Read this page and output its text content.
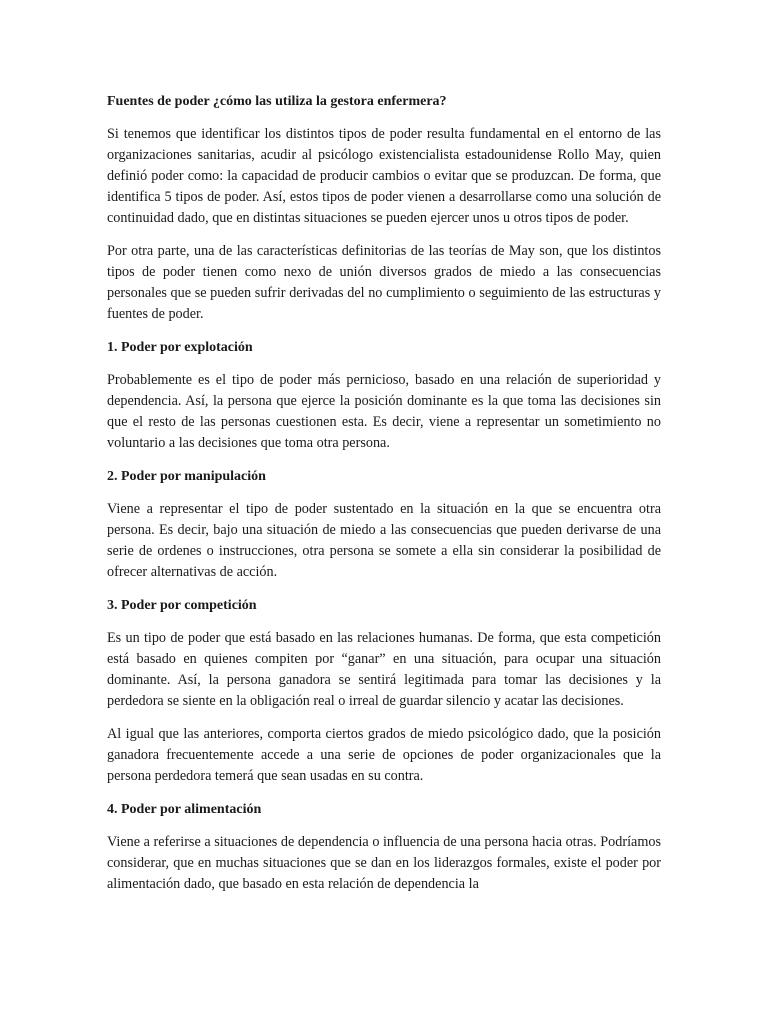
Fuentes de poder ¿cómo las utiliza la gestora enfermera?

Si tenemos que identificar los distintos tipos de poder resulta fundamental en el entorno de las organizaciones sanitarias, acudir al psicólogo existencialista estadounidense Rollo May, quien definió poder como: la capacidad de producir cambios o evitar que se produzcan. De forma, que identifica 5 tipos de poder. Así, estos tipos de poder vienen a desarrollarse como una solución de continuidad dado, que en distintas situaciones se pueden ejercer unos u otros tipos de poder.

Por otra parte, una de las características definitorias de las teorías de May son, que los distintos tipos de poder tienen como nexo de unión diversos grados de miedo a las consecuencias personales que se pueden sufrir derivadas del no cumplimiento o seguimiento de las estructuras y fuentes de poder.

1. Poder por explotación

Probablemente es el tipo de poder más pernicioso, basado en una relación de superioridad y dependencia. Así, la persona que ejerce la posición dominante es la que toma las decisiones sin que el resto de las personas cuestionen esta. Es decir, viene a representar un sometimiento no voluntario a las decisiones que toma otra persona.

2. Poder por manipulación

Viene a representar el tipo de poder sustentado en la situación en la que se encuentra otra persona. Es decir, bajo una situación de miedo a las consecuencias que pueden derivarse de una serie de ordenes o instrucciones, otra persona se somete a ella sin considerar la posibilidad de ofrecer alternativas de acción.

3. Poder por competición

Es un tipo de poder que está basado en las relaciones humanas. De forma, que esta competición está basado en quienes compiten por “ganar” en una situación, para ocupar una situación dominante. Así, la persona ganadora se sentirá legitimada para tomar las decisiones y la perdedora se siente en la obligación real o irreal de guardar silencio y acatar las decisiones.

Al igual que las anteriores, comporta ciertos grados de miedo psicológico dado, que la posición ganadora frecuentemente accede a una serie de opciones de poder organizacionales que la persona perdedora temerá que sean usadas en su contra.

4. Poder por alimentación

Viene a referirse a situaciones de dependencia o influencia de una persona hacia otras. Podríamos considerar, que en muchas situaciones que se dan en los liderazgos formales, existe el poder por alimentación dado, que basado en esta relación de dependencia la
